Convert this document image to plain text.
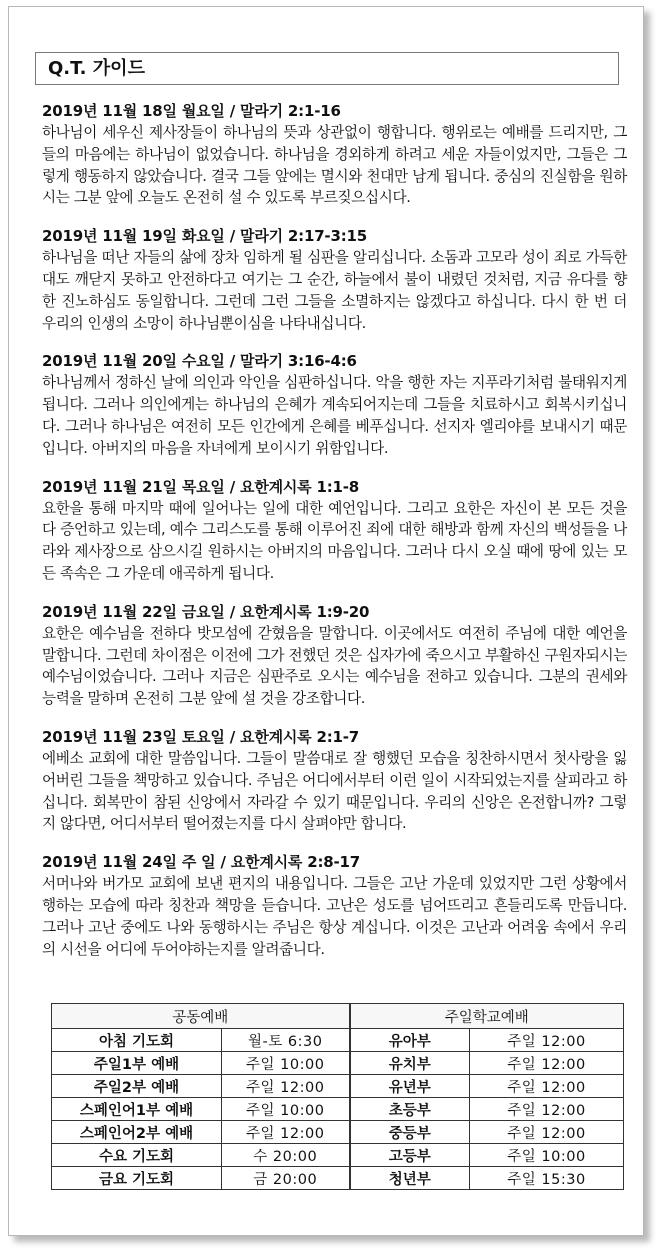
Q.T. 가이드
2019년 11월 18일 월요일 / 말라기 2:1-16
하나님이 세우신 제사장들이 하나님의 뜻과 상관없이 행합니다. 행위로는 예배를 드리지만, 그들의 마음에는 하나님이 없었습니다. 하나님을 경외하게 하려고 세운 자들이었지만, 그들은 그렇게 행동하지 않았습니다. 결국 그들 앞에는 멸시와 천대만 남게 됩니다. 중심의 진실함을 원하시는 그분 앞에 오늘도 온전히 설 수 있도록 부르짖으십시다.
2019년 11월 19일 화요일 / 말라기 2:17-3:15
하나님을 떠난 자들의 삶에 장차 임하게 될 심판을 알리십니다. 소돔과 고모라 성이 죄로 가득한대도 깨닫지 못하고 안전하다고 여기는 그 순간, 하늘에서 불이 내렸던 것처럼, 지금 유다를 향한 진노하심도 동일합니다. 그런데 그런 그들을 소멸하지는 않겠다고 하십니다. 다시 한 번 더 우리의 인생의 소망이 하나님뿐이심을 나타내십니다.
2019년 11월 20일 수요일 / 말라기 3:16-4:6
하나님께서 정하신 날에 의인과 악인을 심판하십니다. 악을 행한 자는 지푸라기처럼 불태워지게 됩니다. 그러나 의인에게는 하나님의 은혜가 계속되어지는데 그들을 치료하시고 회복시키십니다. 그러나 하나님은 여전히 모든 인간에게 은혜를 베푸십니다. 선지자 엘리야를 보내시기 때문입니다. 아버지의 마음을 자녀에게 보이시기 위함입니다.
2019년 11월 21일 목요일 / 요한계시록 1:1-8
요한을 통해 마지막 때에 일어나는 일에 대한 예언입니다. 그리고 요한은 자신이 본 모든 것을 다 증언하고 있는데, 예수 그리스도를 통해 이루어진 죄에 대한 해방과 함께 자신의 백성들을 나라와 제사장으로 삼으시길 원하시는 아버지의 마음입니다. 그러나 다시 오실 때에 땅에 있는 모든 족속은 그 가운데 애곡하게 됩니다.
2019년 11월 22일 금요일 / 요한계시록 1:9-20
요한은 예수님을 전하다 밧모섬에 갇혔음을 말합니다. 이곳에서도 여전히 주님에 대한 예언을 말합니다. 그런데 차이점은 이전에 그가 전했던 것은 십자가에 죽으시고 부활하신 구원자되시는 예수님이었습니다. 그러나 지금은 심판주로 오시는 예수님을 전하고 있습니다. 그분의 권세와 능력을 말하며 온전히 그분 앞에 설 것을 강조합니다.
2019년 11월 23일 토요일 / 요한계시록 2:1-7
에베소 교회에 대한 말씀입니다. 그들이 말씀대로 잘 행했던 모습을 칭찬하시면서 첫사랑을 잃어버린 그들을 책망하고 있습니다. 주님은 어디에서부터 이런 일이 시작되었는지를 살피라고 하십니다. 회복만이 참된 신앙에서 자라갈 수 있기 때문입니다. 우리의 신앙은 온전합니까? 그렇지 않다면, 어디서부터 떨어졌는지를 다시 살펴야만 합니다.
2019년 11월 24일 주 일 / 요한계시록 2:8-17
서머나와 버가모 교회에 보낸 편지의 내용입니다. 그들은 고난 가운데 있었지만 그런 상황에서 행하는 모습에 따라 칭찬과 책망을 듣습니다. 고난은 성도를 넘어뜨리고 흔들리도록 만듭니다. 그러나 고난 중에도 나와 동행하시는 주님은 항상 계십니다. 이것은 고난과 어려움 속에서 우리의 시선을 어디에 두어야하는지를 알려줍니다.
공동예배		주일학교예배	
아침 기도회	월-토 6:30	유아부	주일 12:00
주일1부 예배	주일 10:00	유치부	주일 12:00
주일2부 예배	주일 12:00	유년부	주일 12:00
스페인어1부 예배	주일 10:00	초등부	주일 12:00
스페인어2부 예배	주일 12:00	중등부	주일 12:00
수요 기도회	수 20:00	고등부	주일 10:00
금요 기도회	금 20:00	청년부	주일 15:30
